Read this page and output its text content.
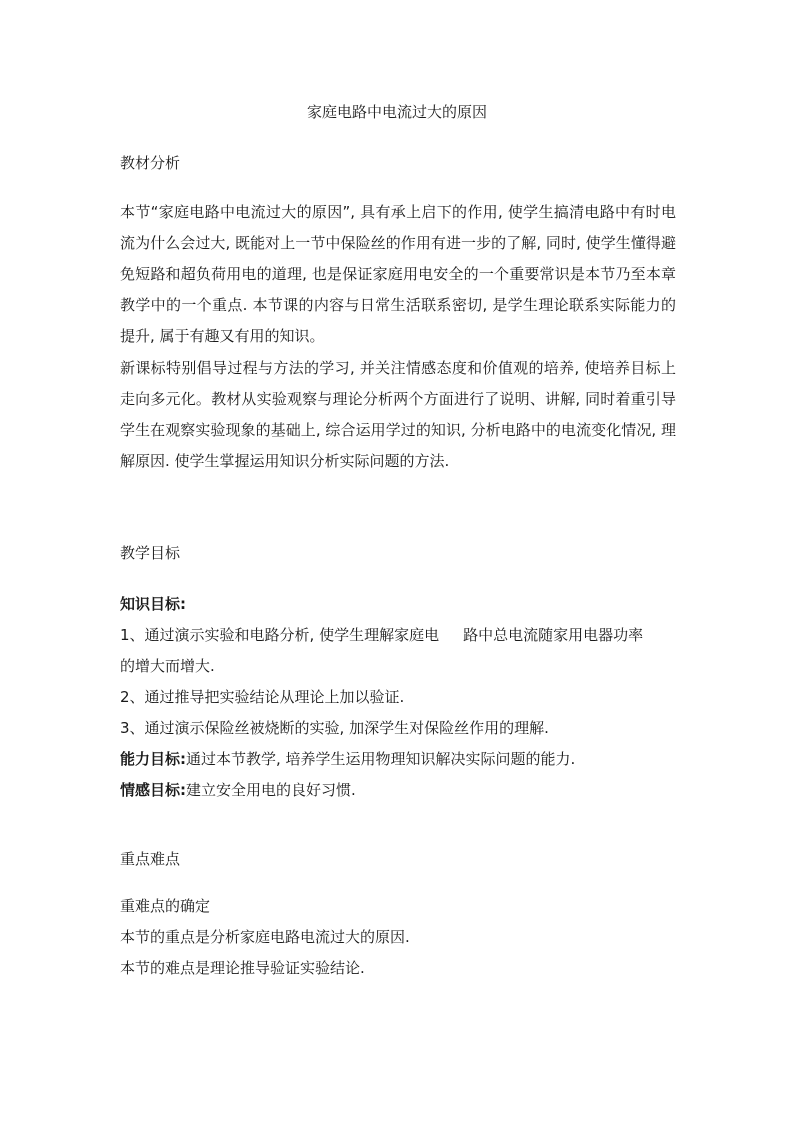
家庭电路中电流过大的原因
教材分析
本节“家庭电路中电流过大的原因”, 具有承上启下的作用, 使学生搞清电路中有时电流为什么会过大, 既能对上一节中保险丝的作用有进一步的了解, 同时, 使学生懂得避免短路和超负荷用电的道理, 也是保证家庭用电安全的一个重要常识是本节乃至本章教学中的一个重点. 本节课的内容与日常生活联系密切, 是学生理论联系实际能力的提升, 属于有趣又有用的知识。
新课标特别倡导过程与方法的学习, 并关注情感态度和价值观的培养, 使培养目标上走向多元化。教材从实验观察与理论分析两个方面进行了说明、讲解, 同时着重引导学生在观察实验现象的基础上, 综合运用学过的知识, 分析电路中的电流变化情况, 理解原因. 使学生掌握运用知识分析实际问题的方法.
教学目标
知识目标:
1、通过演示实验和电路分析, 使学生理解家庭电 路中总电流随家用电器功率
的增大而增大.
2、通过推导把实验结论从理论上加以验证.
3、通过演示保险丝被烧断的实验, 加深学生对保险丝作用的理解.
能力目标:通过本节教学, 培养学生运用物理知识解决实际问题的能力.
情感目标:建立安全用电的良好习惯.
重点难点
重难点的确定
本节的重点是分析家庭电路电流过大的原因.
本节的难点是理论推导验证实验结论.
